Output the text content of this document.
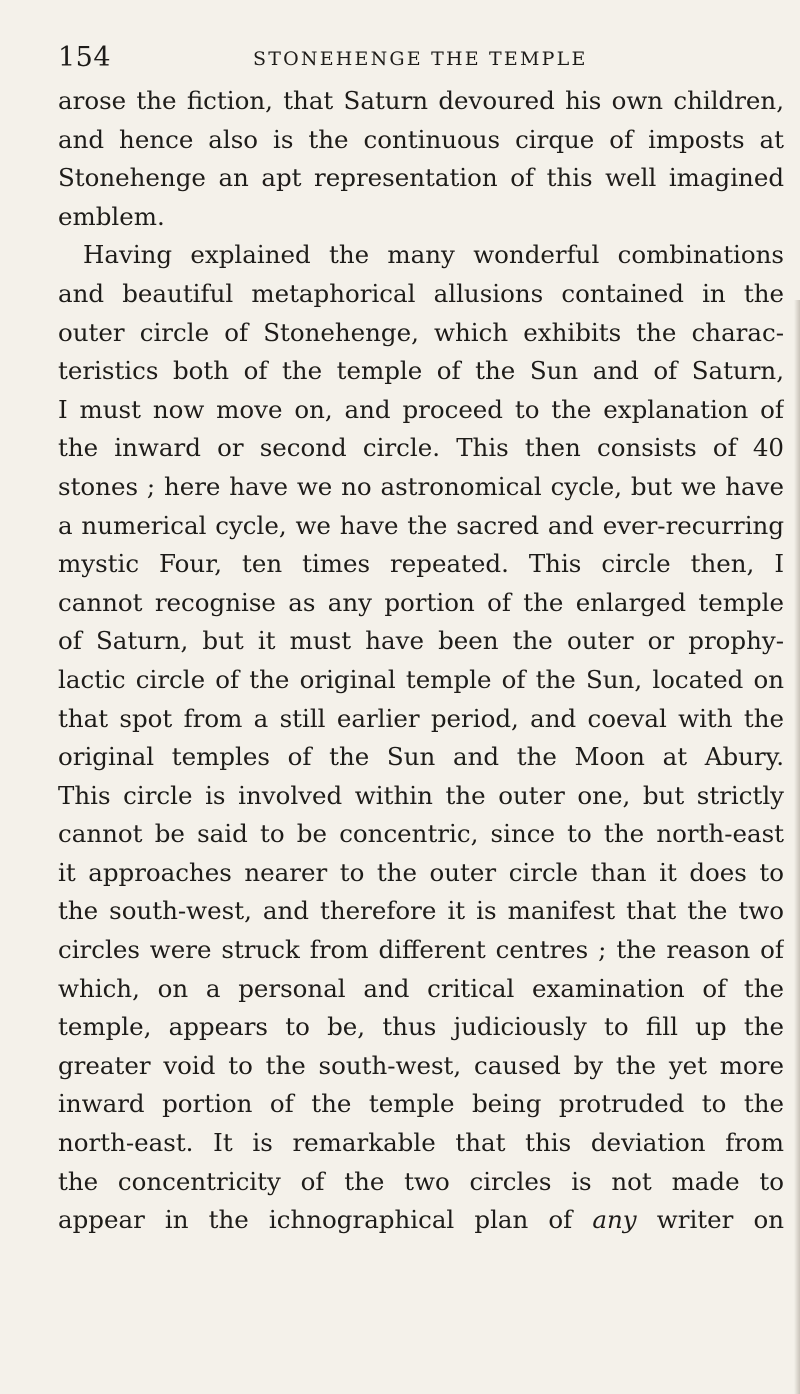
154	STONEHENGE THE TEMPLE
arose the fiction, that Saturn devoured his own children,
and hence also is the continuous cirque of imposts at
Stonehenge an apt representation of this well imagined
emblem.
Having explained the many wonderful combinations
and beautiful metaphorical allusions contained in the
outer circle of Stonehenge, which exhibits the charac-
teristics both of the temple of the Sun and of Saturn,
I must now move on, and proceed to the explanation of
the inward or second circle. This then consists of 40
stones ; here have we no astronomical cycle, but we have
a numerical cycle, we have the sacred and ever-recurring
mystic Four, ten times repeated. This circle then, I
cannot recognise as any portion of the enlarged temple
of Saturn, but it must have been the outer or prophy-
lactic circle of the original temple of the Sun, located on
that spot from a still earlier period, and coeval with the
original temples of the Sun and the Moon at Abury.
This circle is involved within the outer one, but strictly
cannot be said to be concentric, since to the north-east
it approaches nearer to the outer circle than it does to
the south-west, and therefore it is manifest that the two
circles were struck from different centres ; the reason of
which, on a personal and critical examination of the
temple, appears to be, thus judiciously to fill up the
greater void to the south-west, caused by the yet more
inward portion of the temple being protruded to the
north-east. It is remarkable that this deviation from
the concentricity of the two circles is not made to
appear in the ichnographical plan of any writer on
